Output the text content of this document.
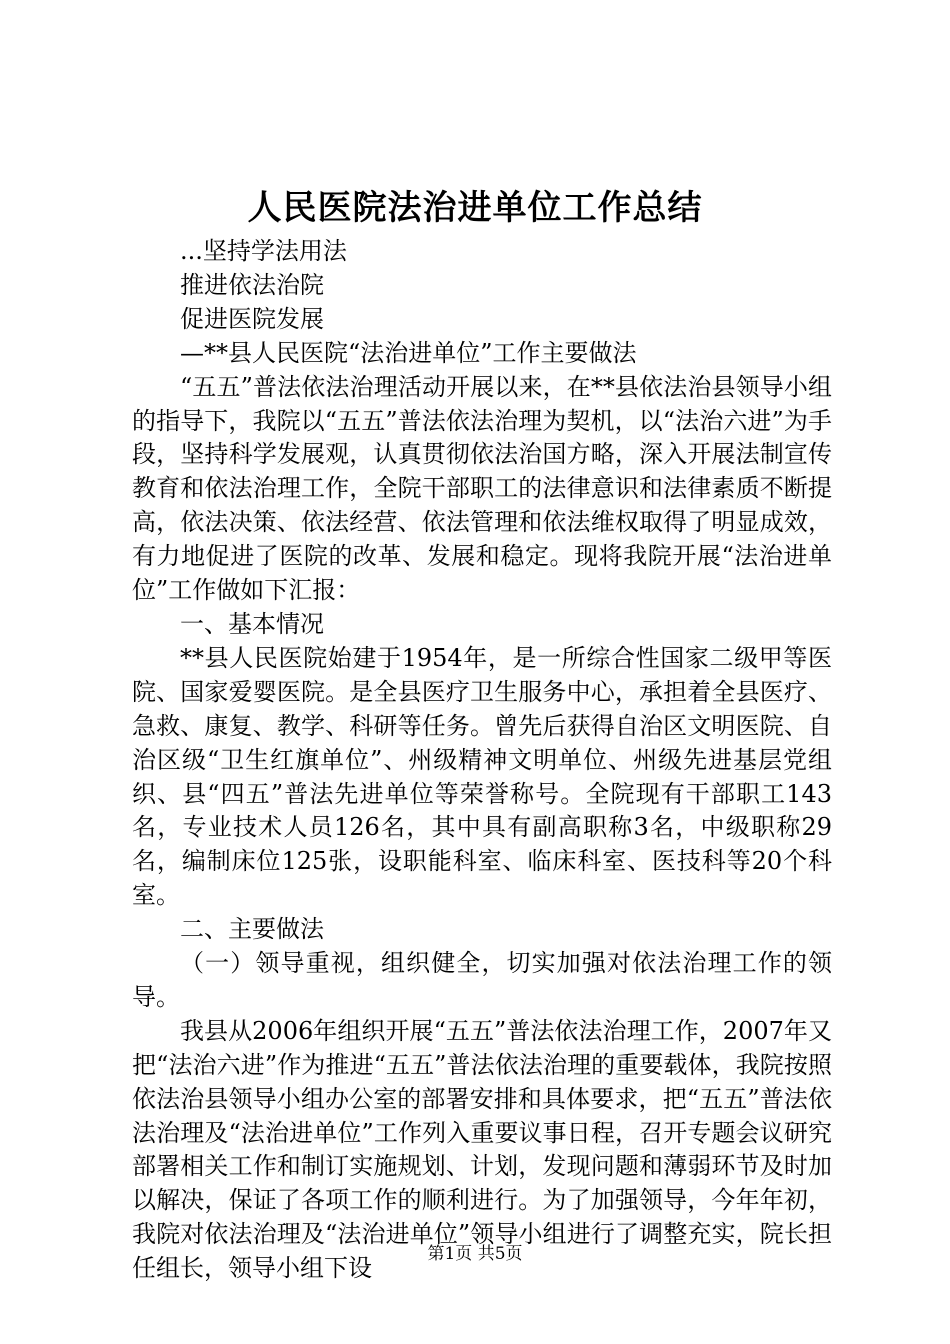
人民医院法治进单位工作总结

...坚持学法用法

推进依法治院

促进医院发展

—**县人民医院“法治进单位”工作主要做法

“五五”普法依法治理活动开展以来，在**县依法治县领导小组的指导下，我院以“五五”普法依法治理为契机，以“法治六进”为手段，坚持科学发展观，认真贯彻依法治国方略，深入开展法制宣传教育和依法治理工作，全院干部职工的法律意识和法律素质不断提高，依法决策、依法经营、依法管理和依法维权取得了明显成效，有力地促进了医院的改革、发展和稳定。现将我院开展“法治进单位”工作做如下汇报：

一、基本情况

**县人民医院始建于1954年，是一所综合性国家二级甲等医院、国家爱婴医院。是全县医疗卫生服务中心，承担着全县医疗、急救、康复、教学、科研等任务。曾先后获得自治区文明医院、自治区级“卫生红旗单位”、州级精神文明单位、州级先进基层党组织、县“四五”普法先进单位等荣誉称号。全院现有干部职工143名，专业技术人员126名，其中具有副高职称3名，中级职称29名，编制床位125张，设职能科室、临床科室、医技科等20个科室。

二、主要做法

（一）领导重视，组织健全，切实加强对依法治理工作的领导。

我县从2006年组织开展“五五”普法依法治理工作，2007年又把“法治六进”作为推进“五五”普法依法治理的重要载体，我院按照依法治县领导小组办公室的部署安排和具体要求，把“五五”普法依法治理及“法治进单位”工作列入重要议事日程，召开专题会议研究部署相关工作和制订实施规划、计划，发现问题和薄弱环节及时加以解决，保证了各项工作的顺利进行。为了加强领导，今年年初，我院对依法治理及“法治进单位”领导小组进行了调整充实，院长担任组长，领导小组下设

第1页 共5页
